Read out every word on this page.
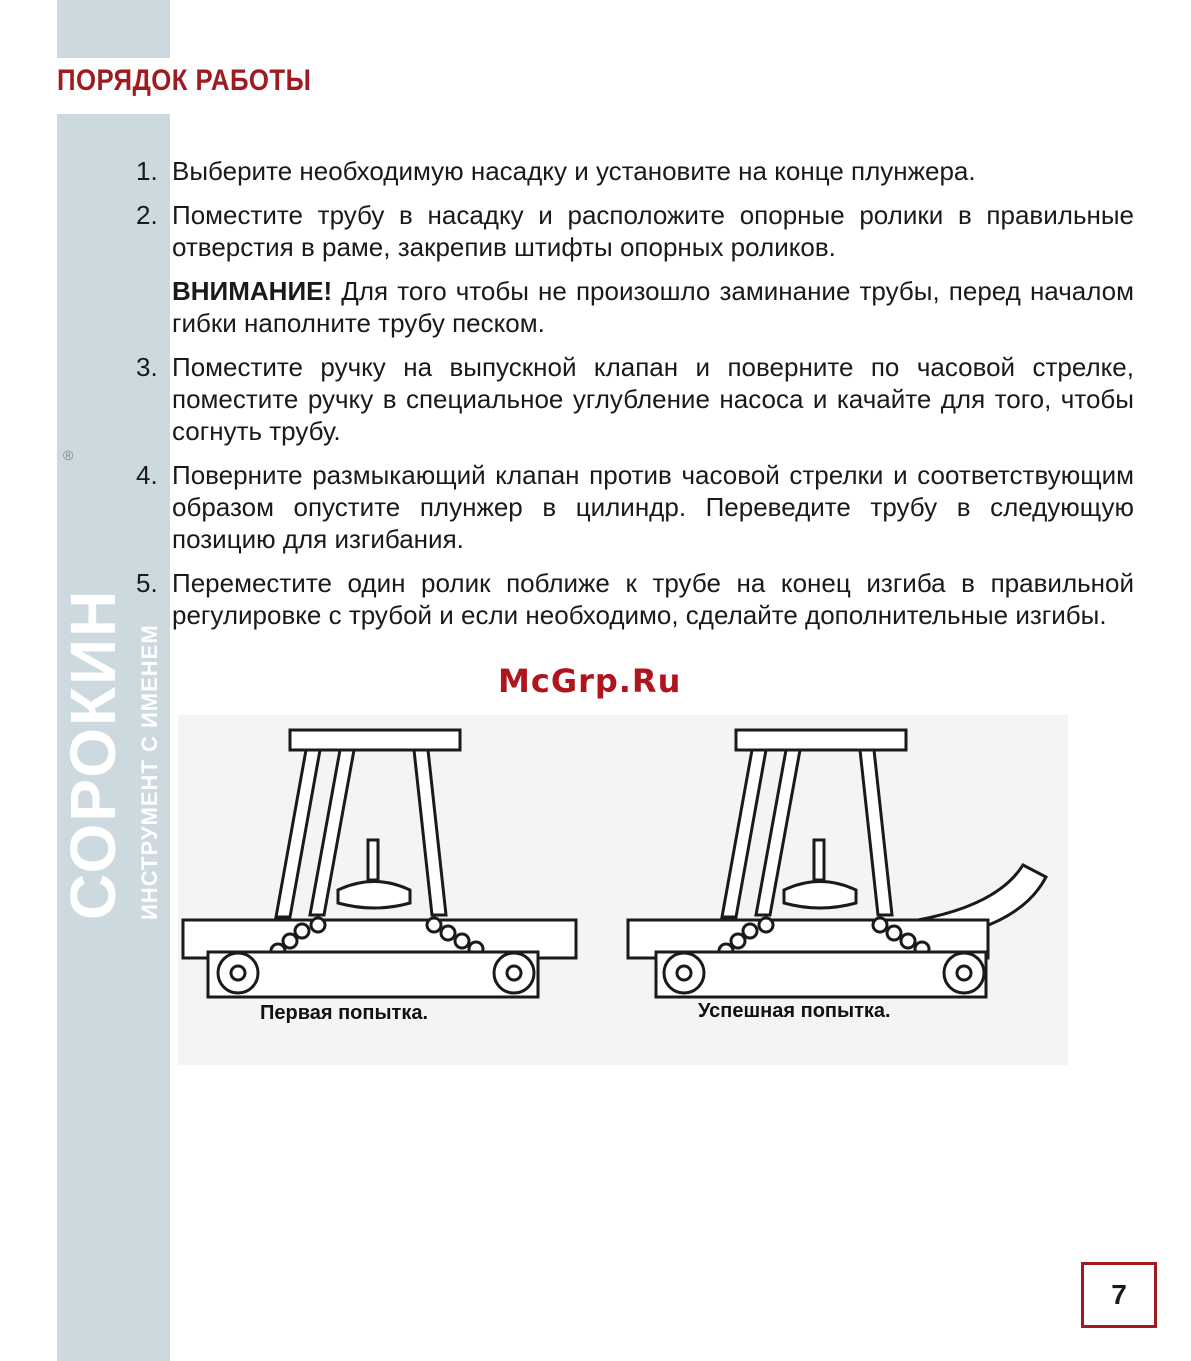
СОРОКИН ИНСТРУМЕНТ С ИМЕНЕМ
®
ПОРЯДОК РАБОТЫ
1. Выберите необходимую насадку и установите на конце плунжера.
2. Поместите трубу в насадку и расположите опорные ролики в правильные отверстия в раме, закрепив штифты опорных роликов.
ВНИМАНИЕ! Для того чтобы не произошло заминание трубы, перед началом гибки наполните трубу песком.
3. Поместите ручку на выпускной клапан и поверните по часовой стрелке, поместите ручку в специальное углубление насоса и качайте для того, чтобы согнуть трубу.
4. Поверните размыкающий клапан против часовой стрелки и соответствующим образом опустите плунжер в цилиндр. Переведите трубу в следующую позицию для изгибания.
5. Переместите один ролик поближе к трубе на конец изгиба в правильной регулировке с трубой и если необходимо, сделайте дополнительные изгибы.
McGrp.Ru
Первая попытка.	Успешная попытка.
7
